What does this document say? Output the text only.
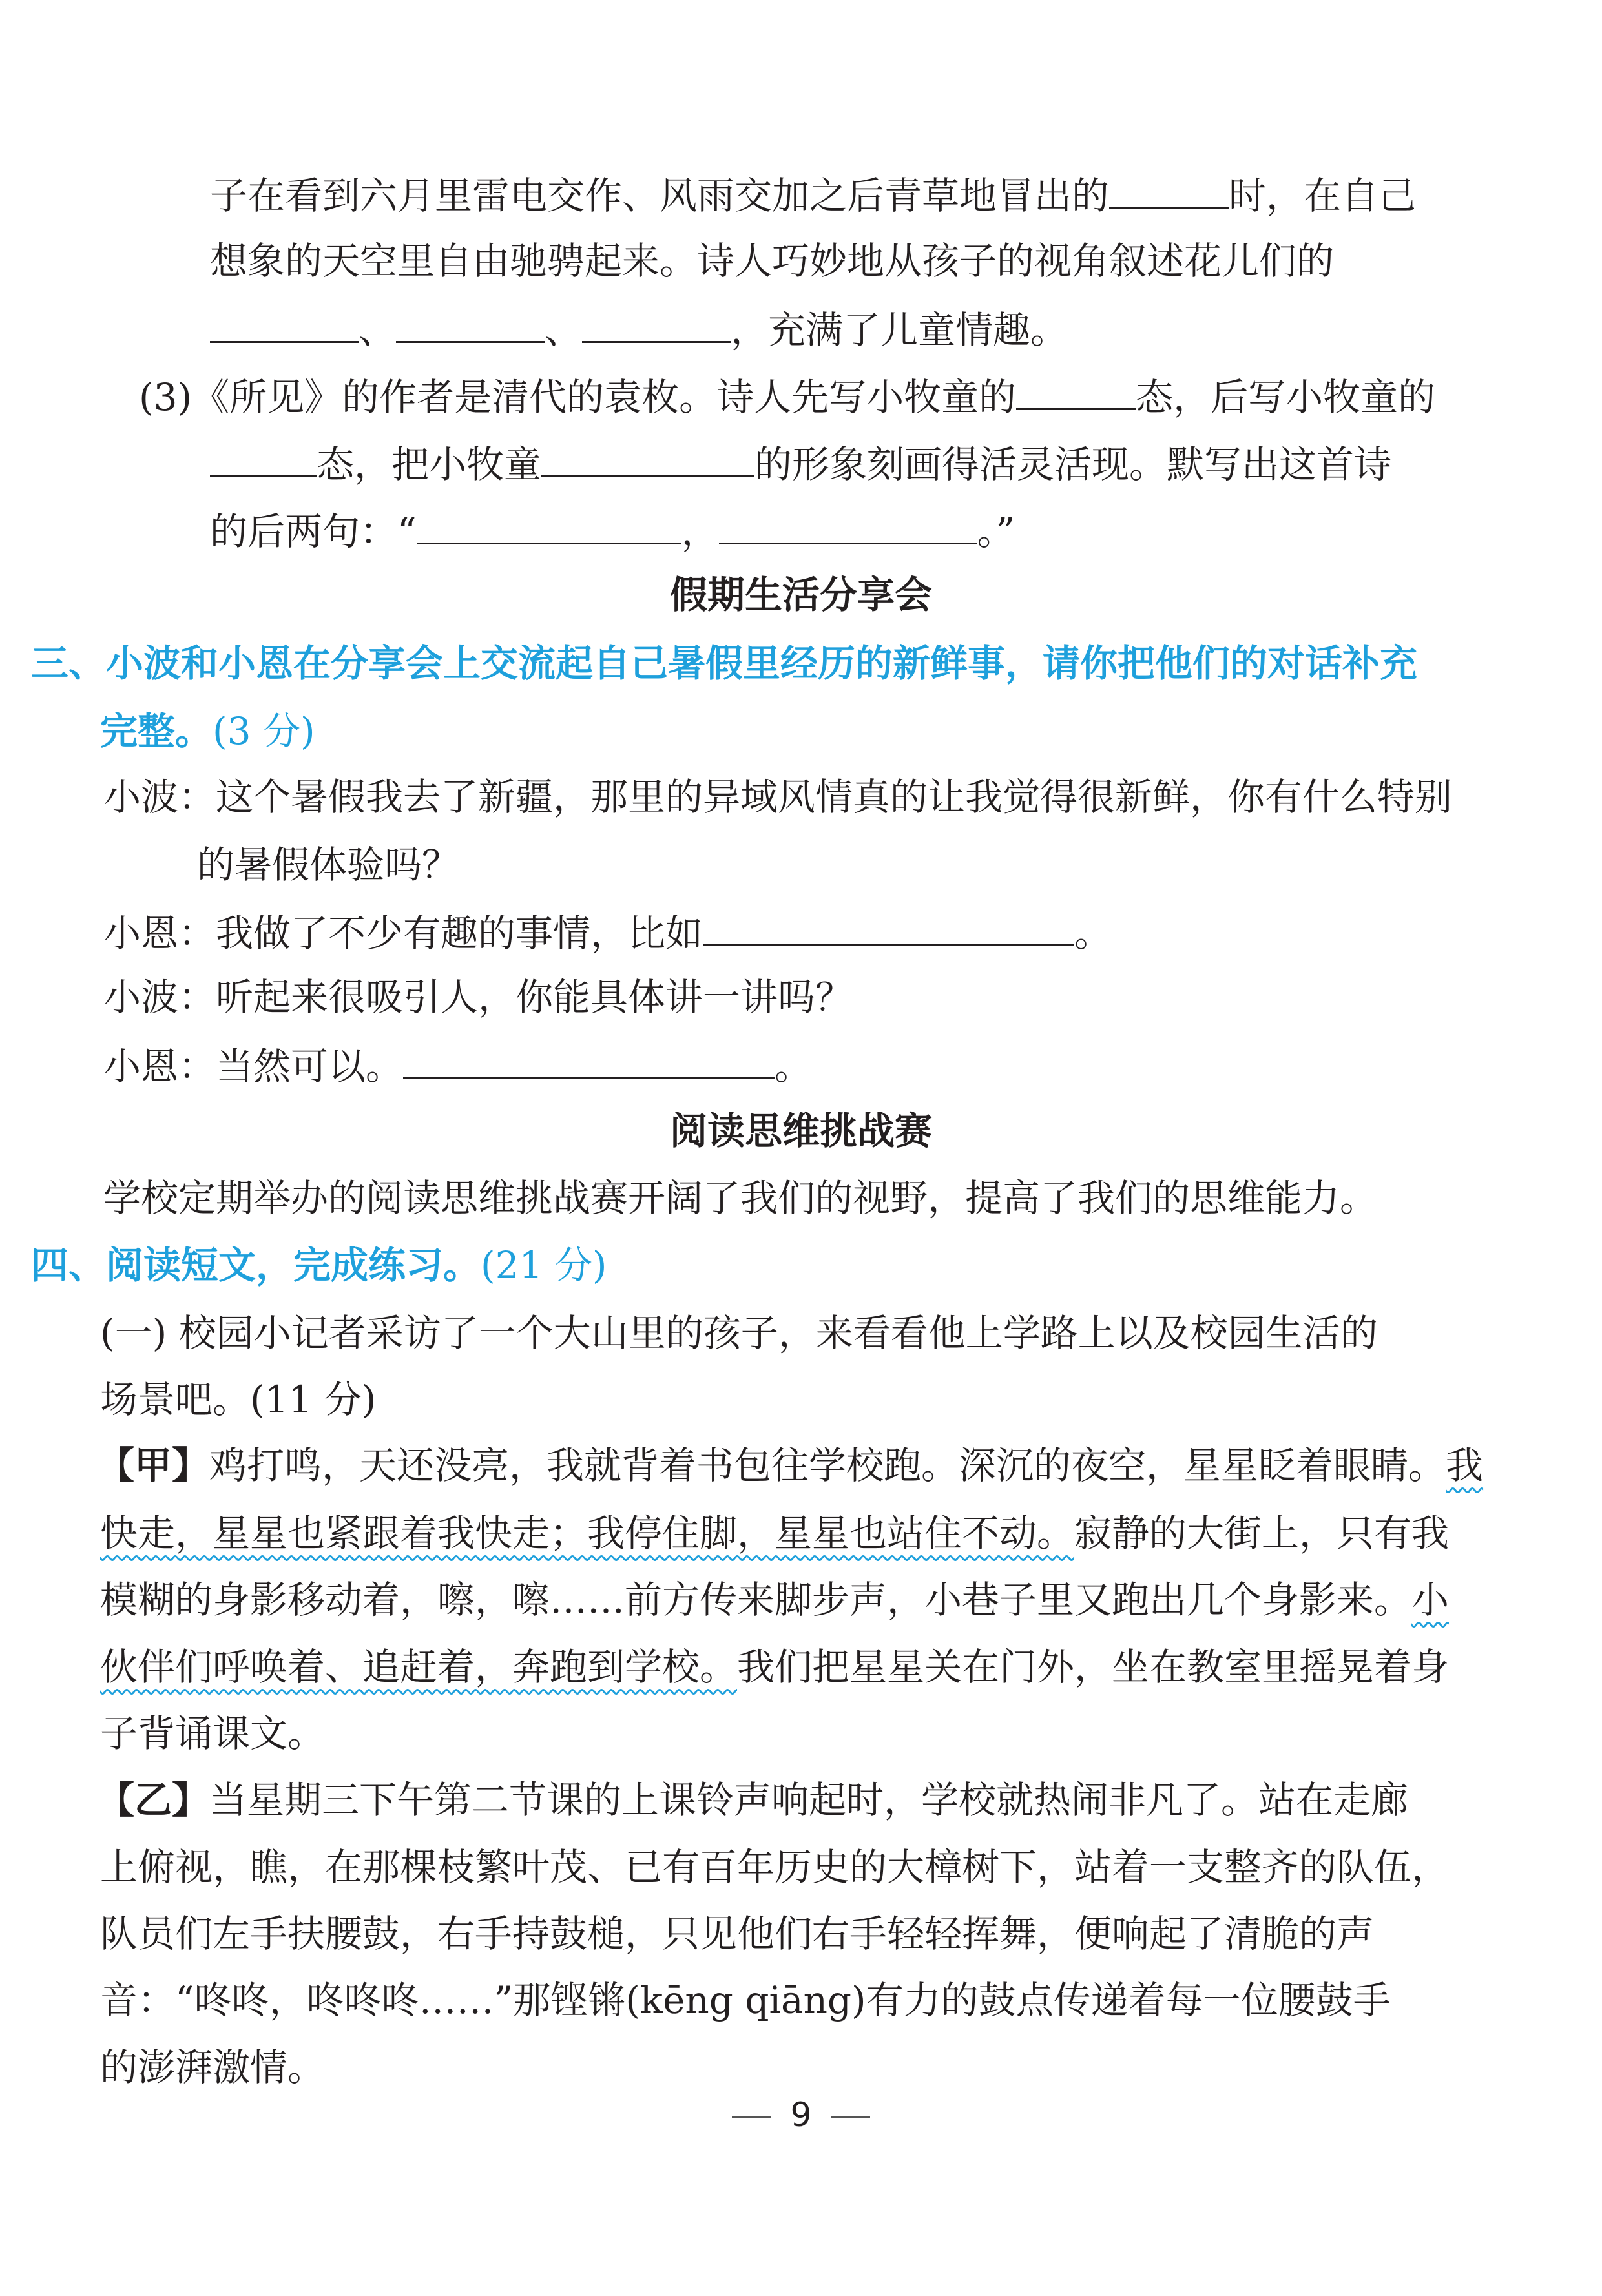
子在看到六月里雷电交作、风雨交加之后青草地冒出的	时，在自己
想象的天空里自由驰骋起来。诗人巧妙地从孩子的视角叙述花儿们的
、	、	，充满了儿童情趣。
(3)《所见》的作者是清代的袁枚。诗人先写小牧童的	态，后写小牧童的
态，把小牧童	的形象刻画得活灵活现。默写出这首诗
的后两句：“	，	。”
假期生活分享会
三、小波和小恩在分享会上交流起自己暑假里经历的新鲜事，请你把他们的对话补充
完整。(3 分)
小波：这个暑假我去了新疆，那里的异域风情真的让我觉得很新鲜，你有什么特别
的暑假体验吗？
小恩：我做了不少有趣的事情，比如	。
小波：听起来很吸引人，你能具体讲一讲吗？
小恩：当然可以。	。
阅读思维挑战赛
学校定期举办的阅读思维挑战赛开阔了我们的视野，提高了我们的思维能力。
四、阅读短文，完成练习。(21 分)
(一) 校园小记者采访了一个大山里的孩子，来看看他上学路上以及校园生活的
场景吧。(11 分)
【甲】鸡打鸣，天还没亮，我就背着书包往学校跑。深沉的夜空，星星眨着眼睛。我
快走，星星也紧跟着我快走；我停住脚，星星也站住不动。寂静的大街上，只有我
模糊的身影移动着，嚓，嚓……前方传来脚步声，小巷子里又跑出几个身影来。小
伙伴们呼唤着、追赶着，奔跑到学校。我们把星星关在门外，坐在教室里摇晃着身
子背诵课文。
【乙】当星期三下午第二节课的上课铃声响起时，学校就热闹非凡了。站在走廊
上俯视，瞧，在那棵枝繁叶茂、已有百年历史的大樟树下，站着一支整齐的队伍，
队员们左手扶腰鼓，右手持鼓槌，只见他们右手轻轻挥舞，便响起了清脆的声
音：“咚咚，咚咚咚……”那铿锵(kēng qiāng)有力的鼓点传递着每一位腰鼓手
的澎湃激情。
9
